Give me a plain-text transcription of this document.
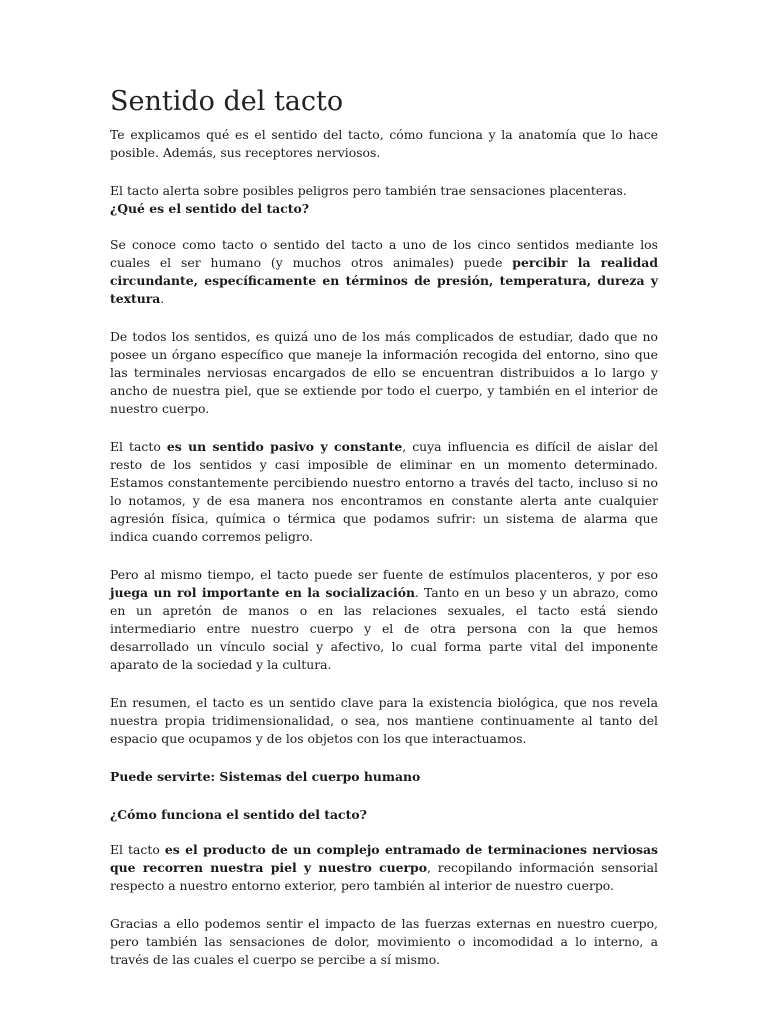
Sentido del tacto

Te explicamos qué es el sentido del tacto, cómo funciona y la anatomía que lo hace posible. Además, sus receptores nerviosos.

El tacto alerta sobre posibles peligros pero también trae sensaciones placenteras.

¿Qué es el sentido del tacto?

Se conoce como tacto o sentido del tacto a uno de los cinco sentidos mediante los cuales el ser humano (y muchos otros animales) puede percibir la realidad circundante, específicamente en términos de presión, temperatura, dureza y textura.

De todos los sentidos, es quizá uno de los más complicados de estudiar, dado que no posee un órgano específico que maneje la información recogida del entorno, sino que las terminales nerviosas encargados de ello se encuentran distribuidos a lo largo y ancho de nuestra piel, que se extiende por todo el cuerpo, y también en el interior de nuestro cuerpo.

El tacto es un sentido pasivo y constante, cuya influencia es difícil de aislar del resto de los sentidos y casi imposible de eliminar en un momento determinado. Estamos constantemente percibiendo nuestro entorno a través del tacto, incluso si no lo notamos, y de esa manera nos encontramos en constante alerta ante cualquier agresión física, química o térmica que podamos sufrir: un sistema de alarma que indica cuando corremos peligro.

Pero al mismo tiempo, el tacto puede ser fuente de estímulos placenteros, y por eso juega un rol importante en la socialización. Tanto en un beso y un abrazo, como en un apretón de manos o en las relaciones sexuales, el tacto está siendo intermediario entre nuestro cuerpo y el de otra persona con la que hemos desarrollado un vínculo social y afectivo, lo cual forma parte vital del imponente aparato de la sociedad y la cultura.

En resumen, el tacto es un sentido clave para la existencia biológica, que nos revela nuestra propia tridimensionalidad, o sea, nos mantiene continuamente al tanto del espacio que ocupamos y de los objetos con los que interactuamos.

Puede servirte: Sistemas del cuerpo humano

¿Cómo funciona el sentido del tacto?

El tacto es el producto de un complejo entramado de terminaciones nerviosas que recorren nuestra piel y nuestro cuerpo, recopilando información sensorial respecto a nuestro entorno exterior, pero también al interior de nuestro cuerpo.

Gracias a ello podemos sentir el impacto de las fuerzas externas en nuestro cuerpo, pero también las sensaciones de dolor, movimiento o incomodidad a lo interno, a través de las cuales el cuerpo se percibe a sí mismo.
